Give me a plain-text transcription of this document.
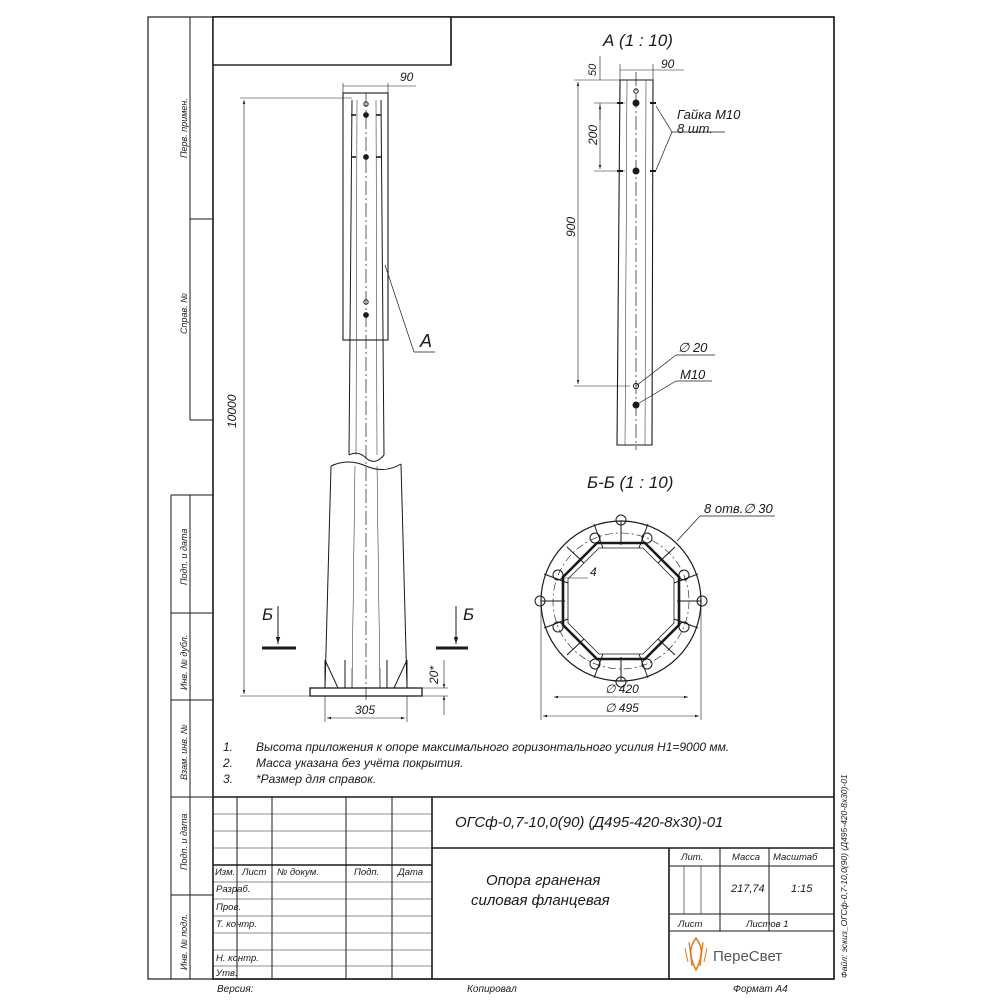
Перв. примен.
Справ. №
Подп. и дата
Инв. № дубл.
Взам. инв. №
Подп. и дата
Инв. № подл.	Файл: эскиз_ОГСф-0,7-10,0(90) (Д495-420-8х30)-01
90
10000
А
Б	Б
305
20*
А (1 : 10)
50	90
200
900
Гайка М10
8 шт.
∅ 20
М10
Б-Б (1 : 10)
8 отв.∅ 30
4
∅ 420
∅ 495
1. Высота приложения к опоре максимального горизонтального усилия H1=9000 мм.
2. Масса указана без учёта покрытия.
3. *Размер для справок.
ОГСф-0,7-10,0(90) (Д495-420-8х30)-01
Опора граненая
силовая фланцевая
Изм. Лист № докум.	Подп. Дата
Разраб.
Пров.
Т. контр.
Н. контр.
Утв.
Лит.	Масса Масштаб
217,74 1:15
Лист	Листов 1
ПереСвет
Версия:	Копировал	Формат А4
